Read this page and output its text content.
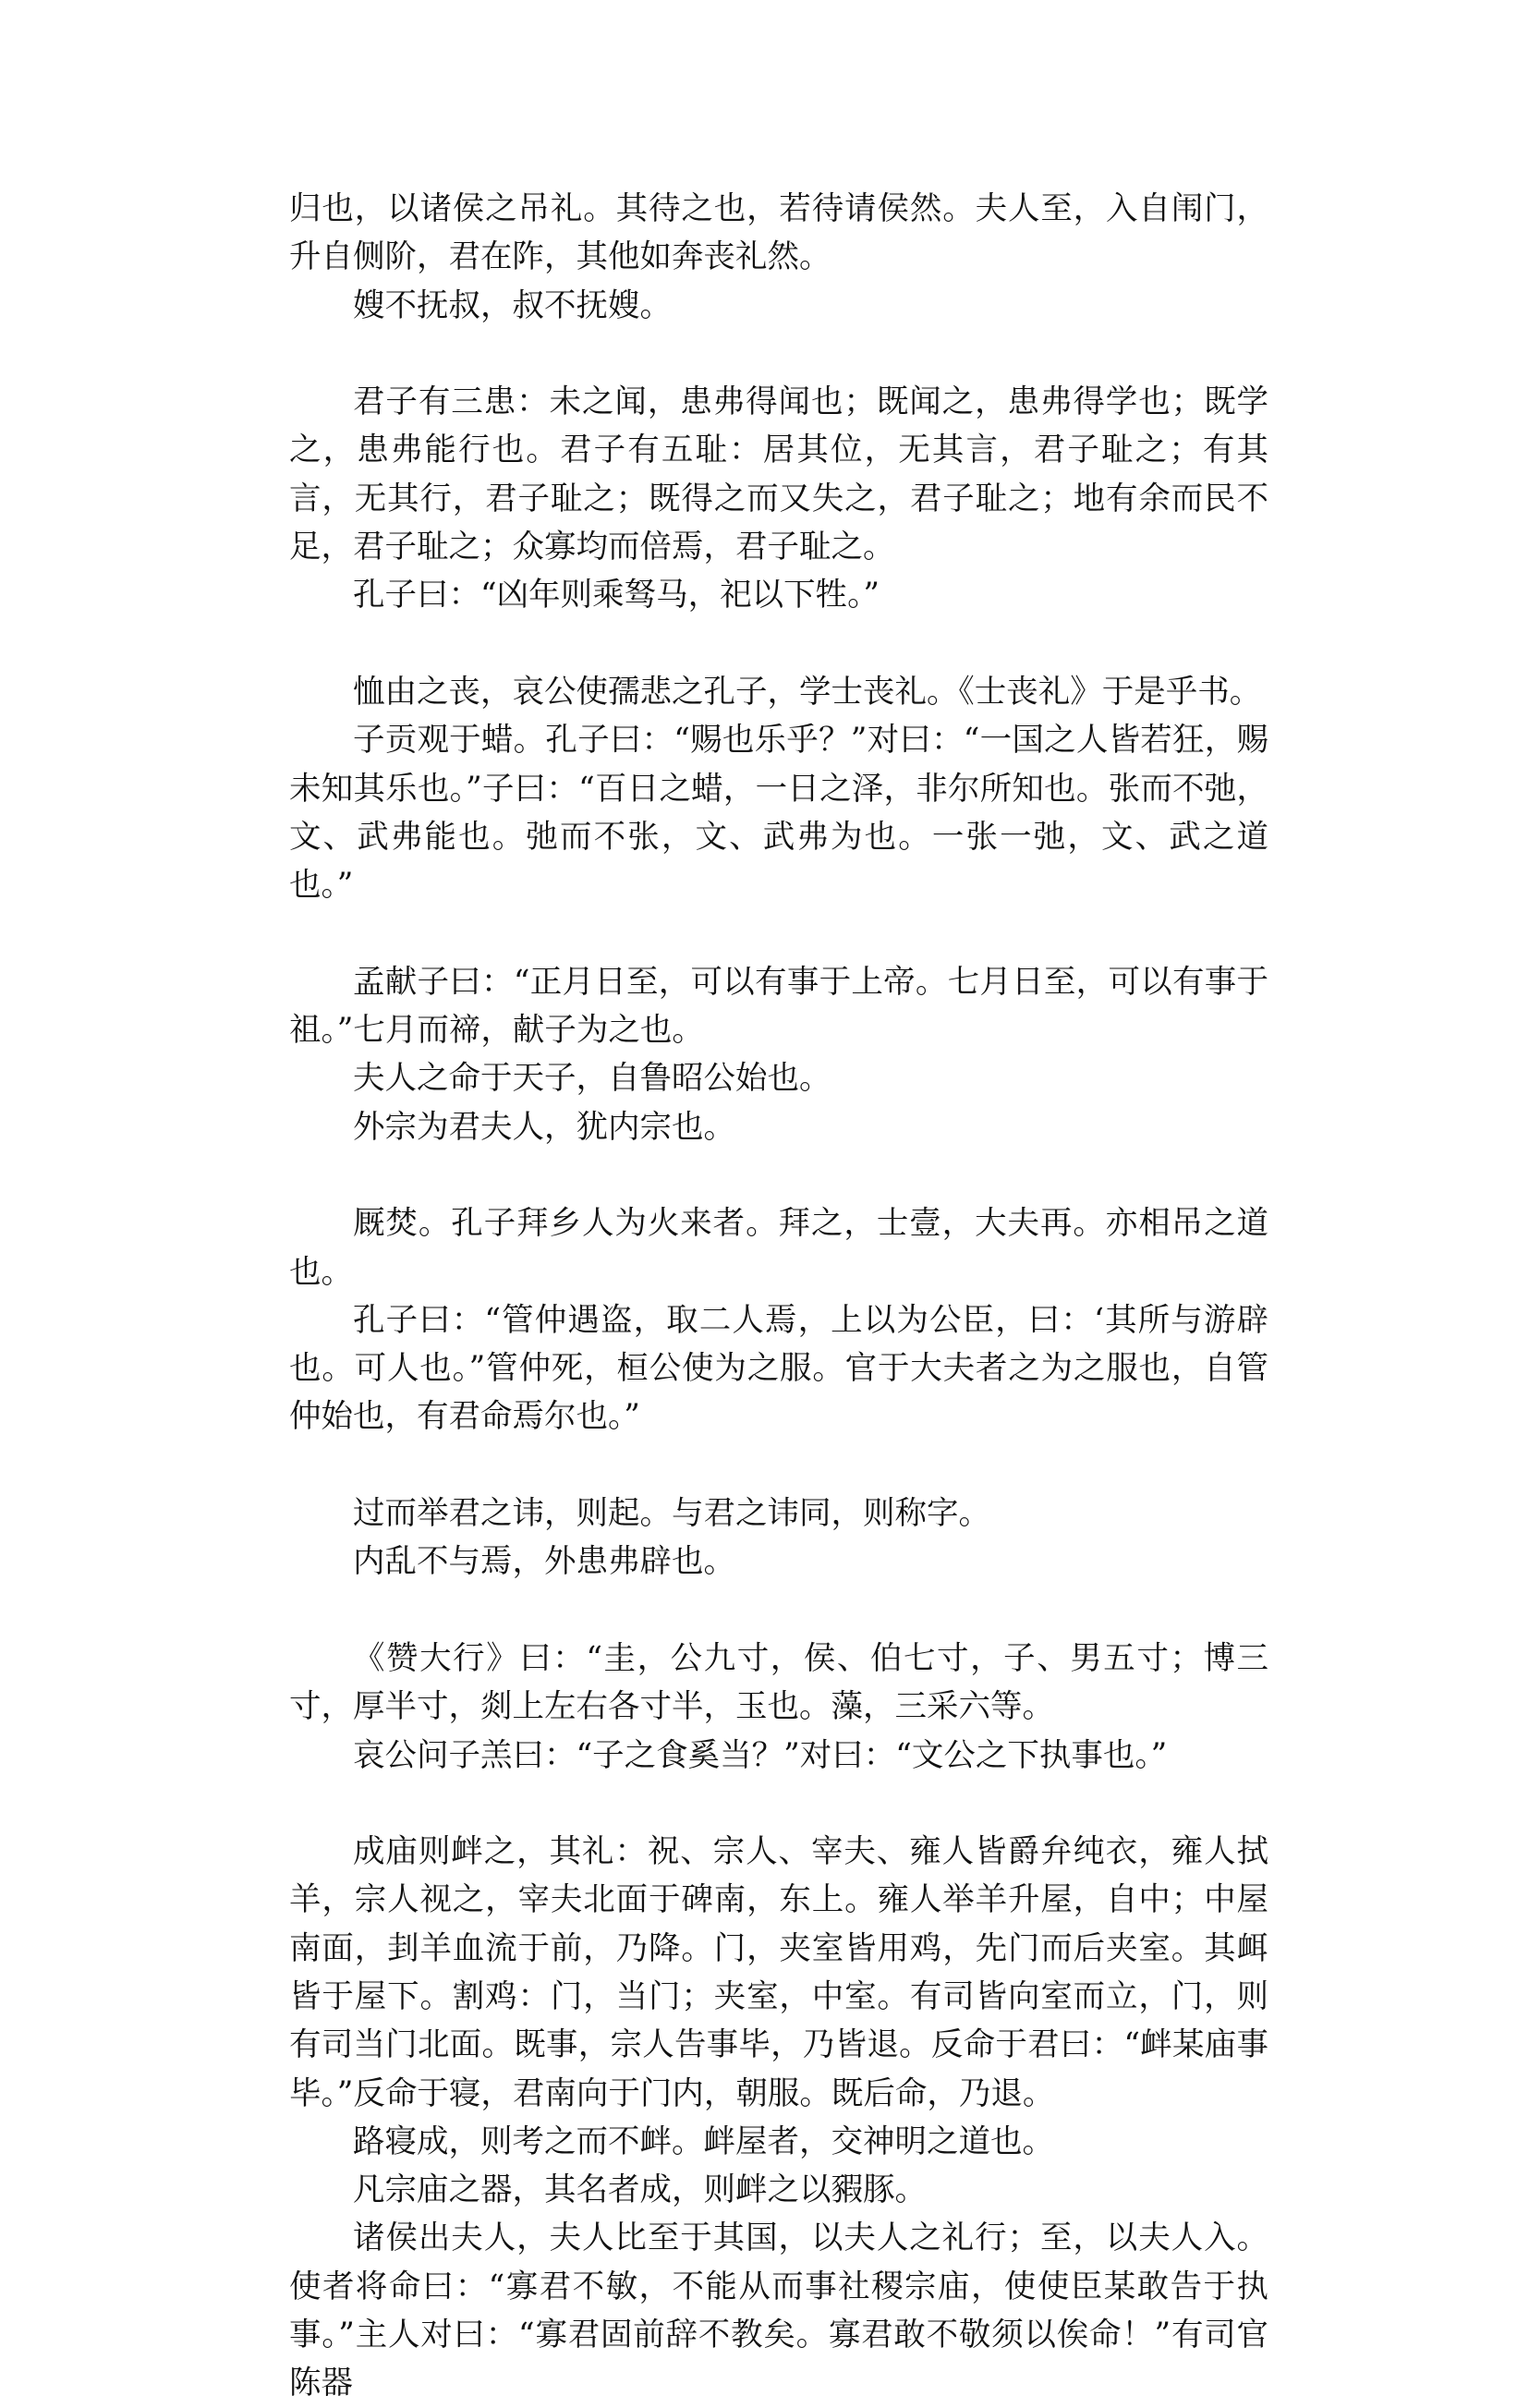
归也，以诸侯之吊礼。其待之也，若待请侯然。夫人至，入自闱门，升自侧阶，君在阼，其他如奔丧礼然。

嫂不抚叔，叔不抚嫂。

君子有三患：未之闻，患弗得闻也；既闻之，患弗得学也；既学之，患弗能行也。君子有五耻：居其位，无其言，君子耻之；有其言，无其行，君子耻之；既得之而又失之，君子耻之；地有余而民不足，君子耻之；众寡均而倍焉，君子耻之。

孔子曰：“凶年则乘驽马，祀以下牲。”

恤由之丧，哀公使孺悲之孔子，学士丧礼。《士丧礼》于是乎书。

子贡观于蜡。孔子曰：“赐也乐乎？”对曰：“一国之人皆若狂，赐未知其乐也。”子曰：“百日之蜡，一日之泽，非尔所知也。张而不弛，文、武弗能也。弛而不张，文、武弗为也。一张一弛，文、武之道也。”

孟献子曰：“正月日至，可以有事于上帝。七月日至，可以有事于祖。”七月而禘，献子为之也。

夫人之命于天子，自鲁昭公始也。

外宗为君夫人，犹内宗也。

厩焚。孔子拜乡人为火来者。拜之，士壹，大夫再。亦相吊之道也。

孔子曰：“管仲遇盗，取二人焉，上以为公臣，曰：‘其所与游辟也。可人也。”管仲死，桓公使为之服。官于大夫者之为之服也，自管仲始也，有君命焉尔也。”

过而举君之讳，则起。与君之讳同，则称字。

内乱不与焉，外患弗辟也。

《赞大行》曰：“圭，公九寸，侯、伯七寸，子、男五寸；博三寸，厚半寸，剡上左右各寸半，玉也。藻，三采六等。

哀公问子羔曰：“子之食奚当？”对曰：“文公之下执事也。”

成庙则衅之，其礼：祝、宗人、宰夫、雍人皆爵弁纯衣，雍人拭羊，宗人视之，宰夫北面于碑南，东上。雍人举羊升屋，自中；中屋南面，刲羊血流于前，乃降。门，夹室皆用鸡，先门而后夹室。其衈皆于屋下。割鸡：门，当门；夹室，中室。有司皆向室而立，门，则有司当门北面。既事，宗人告事毕，乃皆退。反命于君曰：“衅某庙事毕。”反命于寝，君南向于门内，朝服。既后命，乃退。

路寝成，则考之而不衅。衅屋者，交神明之道也。

凡宗庙之器，其名者成，则衅之以豭豚。

诸侯出夫人，夫人比至于其国，以夫人之礼行；至，以夫人入。使者将命曰：“寡君不敏，不能从而事社稷宗庙，使使臣某敢告于执事。”主人对曰：“寡君固前辞不教矣。寡君敢不敬须以俟命！”有司官陈器
